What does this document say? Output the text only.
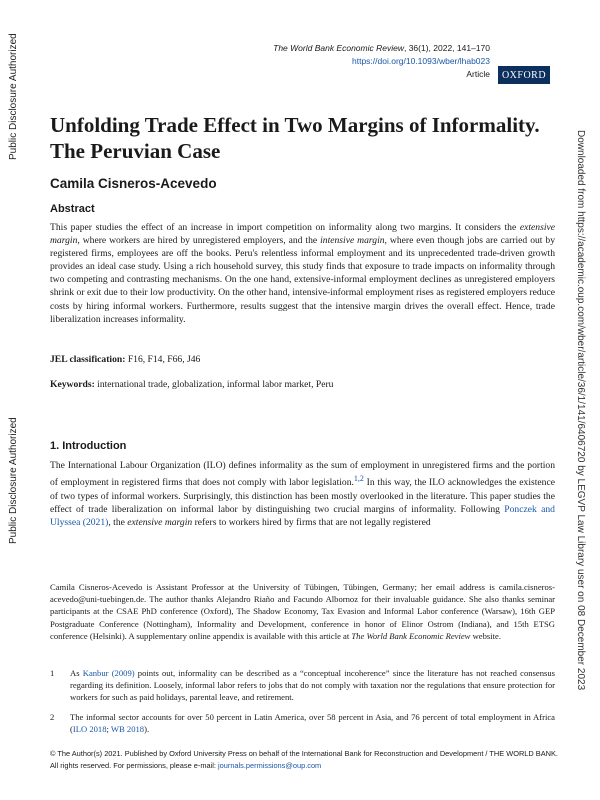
Public Disclosure Authorized
Public Disclosure Authorized	Downloaded from https://academic.oup.com/wber/article/36/1/141/6406720 by LEGVP Law Library user on 08 December 2023
The World Bank Economic Review, 36(1), 2022, 141–170
https://doi.org/10.1093/wber/lhab023
Article	OXFORD
Unfolding Trade Effect in Two Margins of Informality. The Peruvian Case

Camila Cisneros-Acevedo

Abstract

This paper studies the effect of an increase in import competition on informality along two margins. It considers the extensive margin, where workers are hired by unregistered employers, and the intensive margin, where even though jobs are carried out by registered firms, employees are off the books. Peru's relentless informal employment and its unprecedented trade-driven growth provides an ideal case study. Using a rich household survey, this study finds that exposure to trade impacts on informality through two competing and contrasting mechanisms. On the one hand, extensive-informal employment declines as unregistered employers shrink or exit due to their low productivity. On the other hand, intensive-informal employment rises as registered employers reduce costs by hiring informal workers. Furthermore, results suggest that the intensive margin drives the overall effect. Hence, trade liberalization increases informality.

JEL classification: F16, F14, F66, J46

Keywords: international trade, globalization, informal labor market, Peru

1. Introduction

The International Labour Organization (ILO) defines informality as the sum of employment in unregistered firms and the portion of employment in registered firms that does not comply with labor legislation.$^{1,2}$ In this way, the ILO acknowledges the existence of two types of informal workers. Surprisingly, this distinction has been mostly overlooked in the literature. This paper studies the effect of trade liberalization on informal labor by distinguishing two crucial margins of informality. Following Ponczek and Ulyssea (2021), the extensive margin refers to workers hired by firms that are not legally registered

Camila Cisneros-Acevedo is Assistant Professor at the University of Tübingen, Tübingen, Germany; her email address is camila.cisneros-acevedo@uni-tuebingen.de. The author thanks Alejandro Riaño and Facundo Albornoz for their invaluable guidance. She also thanks seminar participants at the CSAE PhD conference (Oxford), The Shadow Economy, Tax Evasion and Informal Labor conference (Warsaw), 16th GEP Postgraduate Conference (Nottingham), Informality and Development, conference in honor of Elinor Ostrom (Indiana), and 15th ETSG conference (Helsinki). A supplementary online appendix is available with this article at The World Bank Economic Review website.

1	As Kanbur (2009) points out, informality can be described as a “conceptual incoherence” since the literature has not reached consensus regarding its definition. Loosely, informal labor refers to jobs that do not comply with taxation nor the regulations that ensure protection for workers for such as paid holidays, parental leave, and retirement.
2	The informal sector accounts for over 50 percent in Latin America, over 58 percent in Asia, and 76 percent of total employment in Africa (ILO 2018; WB 2018).
© The Author(s) 2021. Published by Oxford University Press on behalf of the International Bank for Reconstruction and Development / THE WORLD BANK.
All rights reserved. For permissions, please e-mail: journals.permissions@oup.com
